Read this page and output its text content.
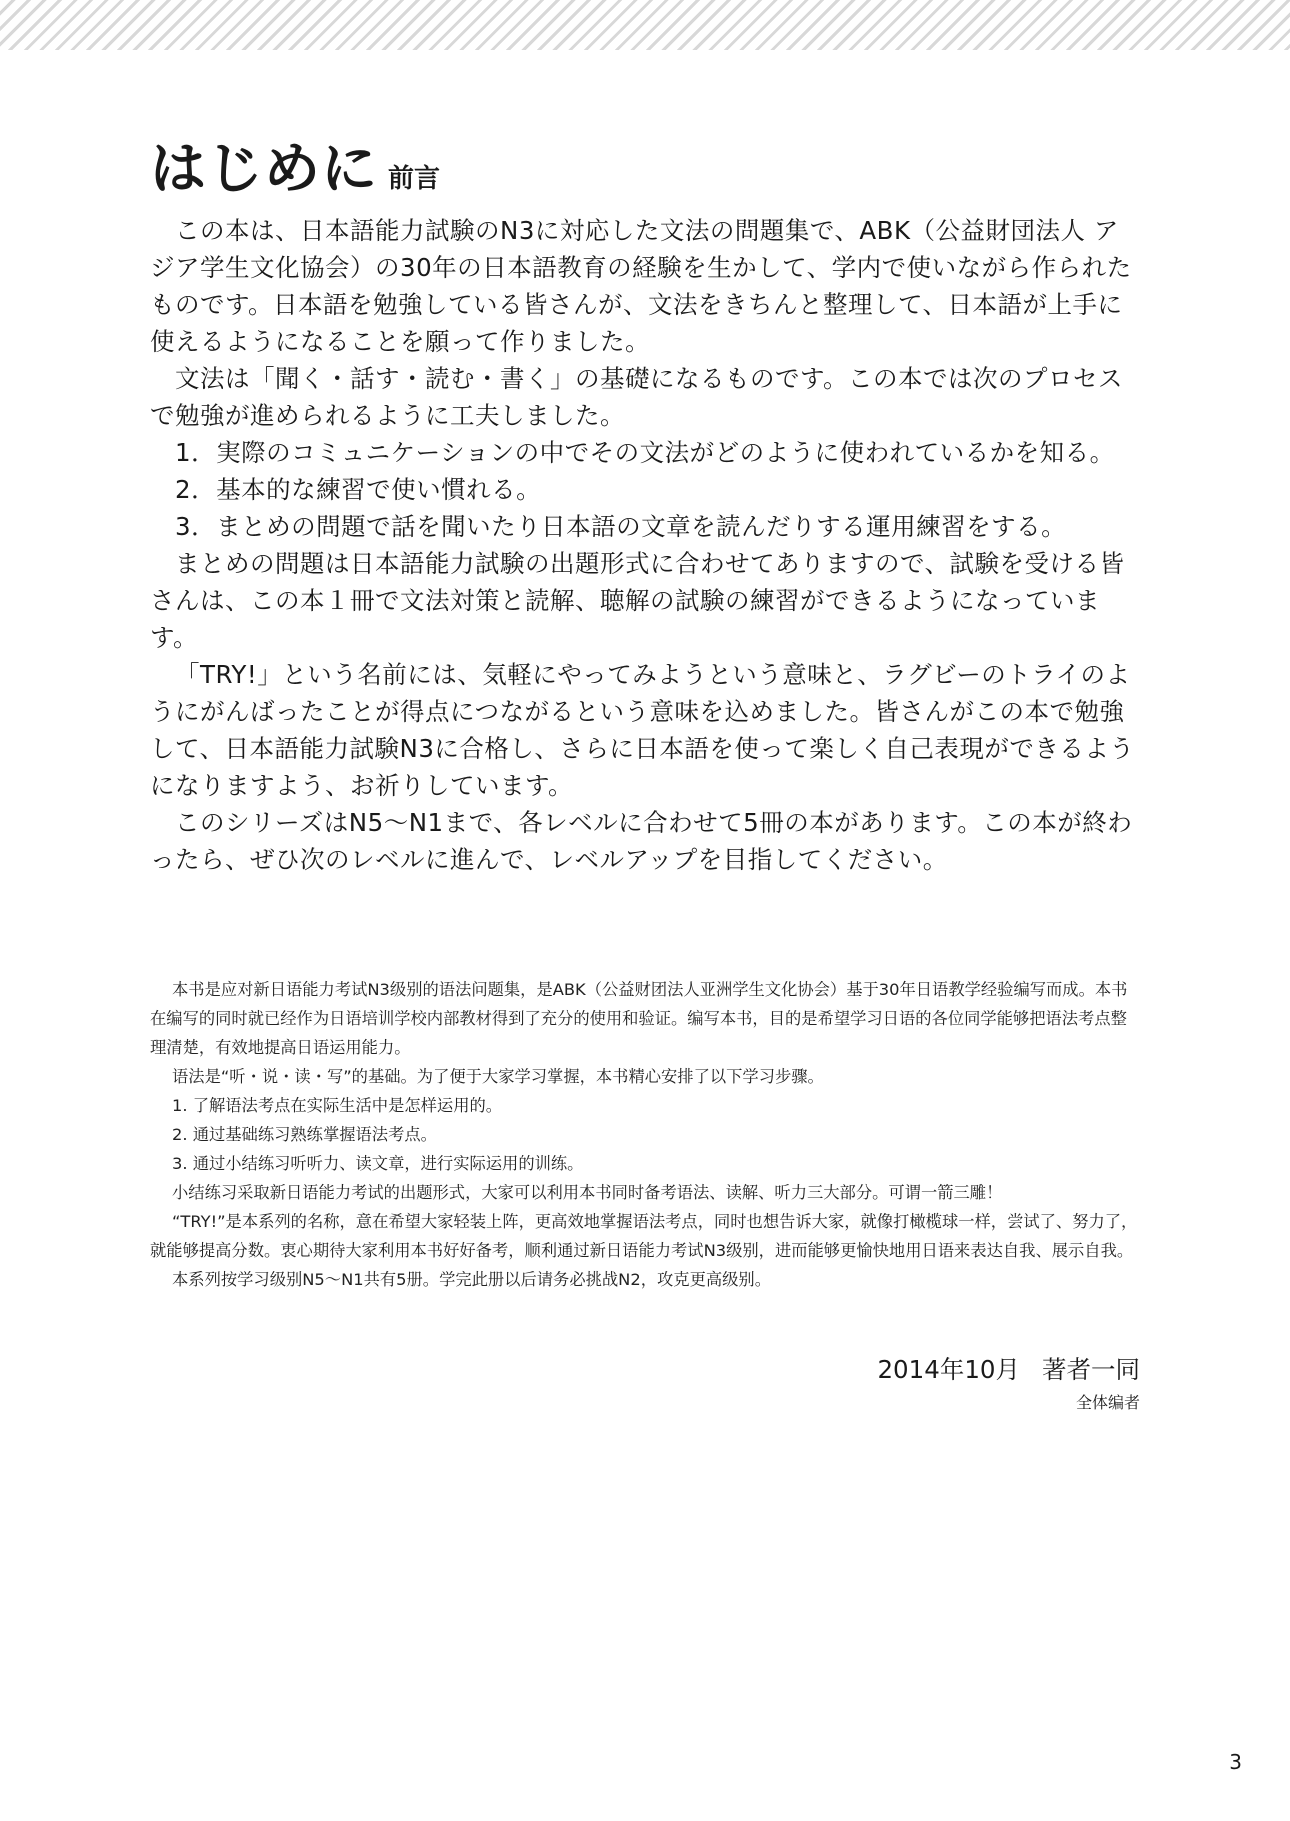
はじめに 前言

この本は、日本語能力試験のN3に対応した文法の問題集で、ABK（公益財団法人 アジア学生文化協会）の30年の日本語教育の経験を生かして、学内で使いながら作られたものです。日本語を勉強している皆さんが、文法をきちんと整理して、日本語が上手に使えるようになることを願って作りました。

文法は「聞く・話す・読む・書く」の基礎になるものです。この本では次のプロセスで勉強が進められるように工夫しました。

1．実際のコミュニケーションの中でその文法がどのように使われているかを知る。

2．基本的な練習で使い慣れる。

3．まとめの問題で話を聞いたり日本語の文章を読んだりする運用練習をする。

まとめの問題は日本語能力試験の出題形式に合わせてありますので、試験を受ける皆さんは、この本１冊で文法対策と読解、聴解の試験の練習ができるようになっています。

「TRY!」という名前には、気軽にやってみようという意味と、ラグビーのトライのようにがんばったことが得点につながるという意味を込めました。皆さんがこの本で勉強して、日本語能力試験N3に合格し、さらに日本語を使って楽しく自己表現ができるようになりますよう、お祈りしています。

このシリーズはN5～N1まで、各レベルに合わせて5冊の本があります。この本が終わったら、ぜひ次のレベルに進んで、レベルアップを目指してください。

本书是应对新日语能力考试N3级别的语法问题集，是ABK（公益财团法人亚洲学生文化协会）基于30年日语教学经验编写而成。本书在编写的同时就已经作为日语培训学校内部教材得到了充分的使用和验证。编写本书，目的是希望学习日语的各位同学能够把语法考点整理清楚，有效地提高日语运用能力。

语法是“听・说・读・写”的基础。为了便于大家学习掌握，本书精心安排了以下学习步骤。

1. 了解语法考点在实际生活中是怎样运用的。

2. 通过基础练习熟练掌握语法考点。

3. 通过小结练习听听力、读文章，进行实际运用的训练。

小结练习采取新日语能力考试的出题形式，大家可以利用本书同时备考语法、读解、听力三大部分。可谓一箭三雕！

“TRY!”是本系列的名称，意在希望大家轻装上阵，更高效地掌握语法考点，同时也想告诉大家，就像打橄榄球一样，尝试了、努力了，就能够提高分数。衷心期待大家利用本书好好备考，顺利通过新日语能力考试N3级别，进而能够更愉快地用日语来表达自我、展示自我。

本系列按学习级别N5～N1共有5册。学完此册以后请务必挑战N2，攻克更高级别。

2014年10月 著者一同
全体编者
3
